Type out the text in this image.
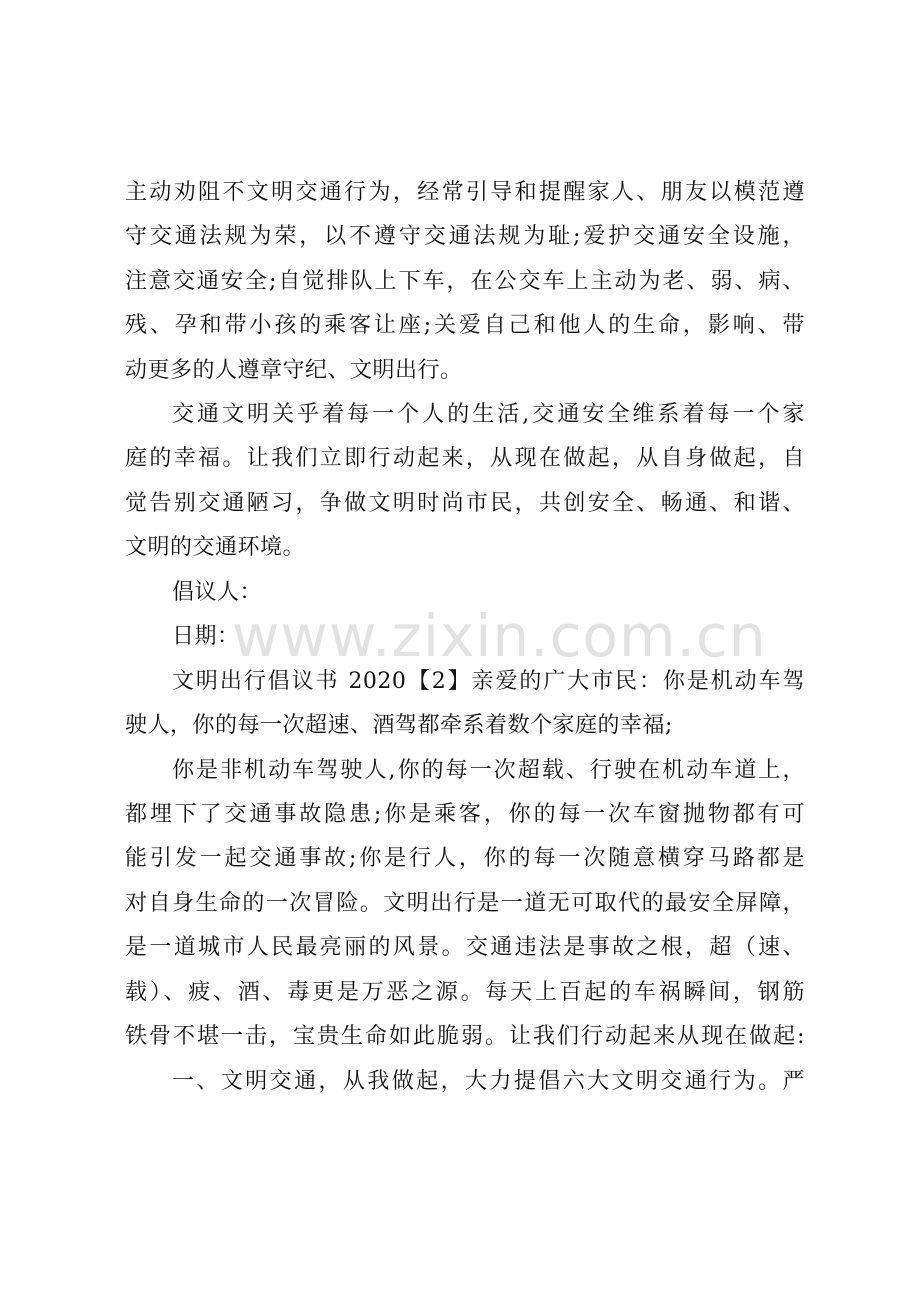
主动劝阻不文明交通行为，经常引导和提醒家人、朋友以模范遵
守交通法规为荣，以不遵守交通法规为耻;爱护交通安全设施，
注意交通安全;自觉排队上下车，在公交车上主动为老、弱、病、
残、孕和带小孩的乘客让座;关爱自己和他人的生命，影响、带
动更多的人遵章守纪、文明出行。
交通文明关乎着每一个人的生活,交通安全维系着每一个家
庭的幸福。让我们立即行动起来，从现在做起，从自身做起，自
觉告别交通陋习，争做文明时尚市民，共创安全、畅通、和谐、
文明的交通环境。
倡议人：
日期：
文明出行倡议书 2020【2】亲爱的广大市民：你是机动车驾
驶人，你的每一次超速、酒驾都牵系着数个家庭的幸福;
你是非机动车驾驶人,你的每一次超载、行驶在机动车道上，
都埋下了交通事故隐患;你是乘客，你的每一次车窗抛物都有可
能引发一起交通事故;你是行人，你的每一次随意横穿马路都是
对自身生命的一次冒险。文明出行是一道无可取代的最安全屏障，
是一道城市人民最亮丽的风景。交通违法是事故之根，超（速、
载）、疲、酒、毒更是万恶之源。每天上百起的车祸瞬间，钢筋
铁骨不堪一击，宝贵生命如此脆弱。让我们行动起来从现在做起:
一、文明交通，从我做起，大力提倡六大文明交通行为。严
www.zixin.com.cn
